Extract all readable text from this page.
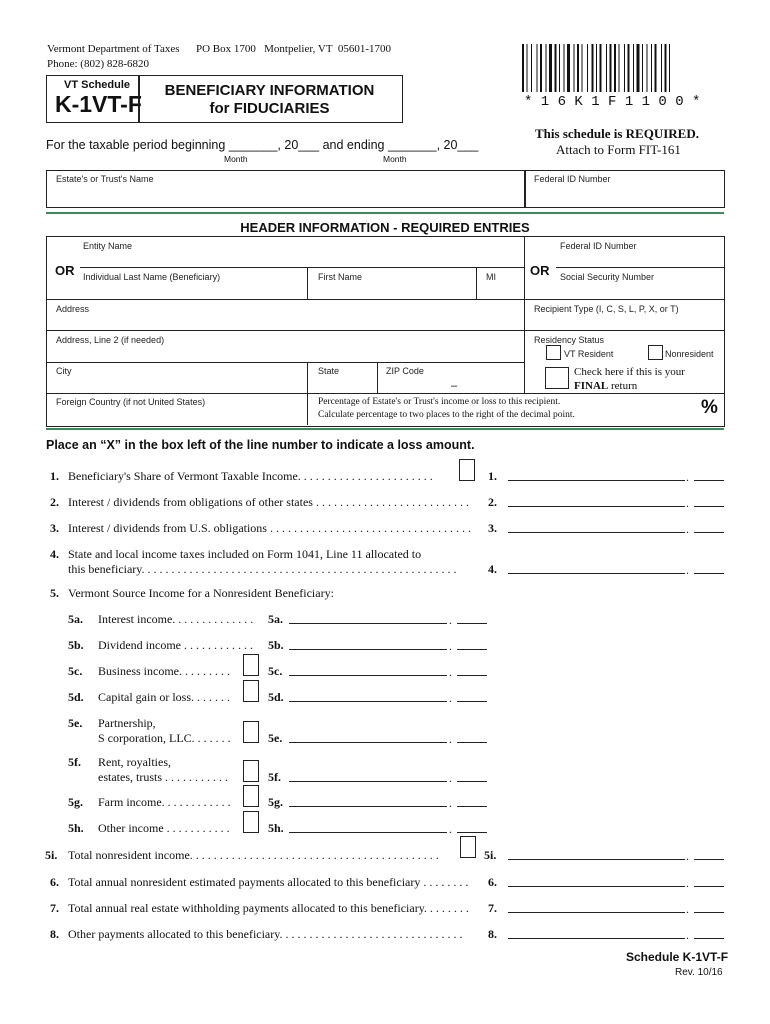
Vermont Department of Taxes PO Box 1700   Montpelier, VT  05601-1700
Phone: (802) 828-6820
VT Schedule
K-1VT-F
BENEFICIARY INFORMATION
for FIDUCIARIES	* 1 6 K 1 F 1 1 0 0 *
This schedule is REQUIRED.
Attach to Form FIT-161
For the taxable period beginning _______, 20___ and ending _______, 20___
Month	Month
Estate's or Trust's Name	Federal ID Number
HEADER INFORMATION - REQUIRED ENTRIES
Entity Name	Federal ID Number
OR	OR
Individual Last Name (Beneficiary)	First Name	MI	Social Security Number
Address	Recipient Type (I, C, S, L, P, X, or T)
Address, Line 2 (if needed)	Residency Status
VT Resident	Nonresident
City	State	ZIP Code
–
Check here if this is your
FINAL return
Foreign Country (if not United States)	Percentage of Estate's or Trust's income or loss to this recipient.
Calculate percentage to two places to the right of the decimal point.	%
Place an “X” in the box left of the line number to indicate a loss amount.
1. Beneficiary's Share of Vermont Taxable Income. . . . . . . . . . . . . . . . . . . . . . .	1.	.
2. Interest / dividends from obligations of other states . . . . . . . . . . . . . . . . . . . . . . . . . . 2.	.
3. Interest / dividends from U.S. obligations . . . . . . . . . . . . . . . . . . . . . . . . . . . . . . . . . . 3.	.
4. State and local income taxes included on Form 1041, Line 11 allocated to
this beneficiary. . . . . . . . . . . . . . . . . . . . . . . . . . . . . . . . . . . . . . . . . . . . . . . . . . . . .	4.	.
5. Vermont Source Income for a Nonresident Beneficiary:
5a. Interest income. . . . . . . . . . . . . . 5a.	.
5b. Dividend income . . . . . . . . . . . . 5b.	.
5c. Business income. . . . . . . . .	5c.	.
5d. Capital gain or loss. . . . . . .	5d.	.
5e. Partnership,
S corporation, LLC. . . . . . .	5e.	.
5f. Rent, royalties,
estates, trusts . . . . . . . . . . .	5f.	.
5g. Farm income. . . . . . . . . . . .	5g.	.
5h. Other income . . . . . . . . . . .	5h.	.
5i. Total nonresident income. . . . . . . . . . . . . . . . . . . . . . . . . . . . . . . . . . . . . . . . . .	5i.	.
6. Total annual nonresident estimated payments allocated to this beneficiary . . . . . . . . 6.	.
7. Total annual real estate withholding payments allocated to this beneficiary. . . . . . . . 7.	.
8. Other payments allocated to this beneficiary. . . . . . . . . . . . . . . . . . . . . . . . . . . . . . . 8.	.
Schedule K-1VT-F
Rev. 10/16
